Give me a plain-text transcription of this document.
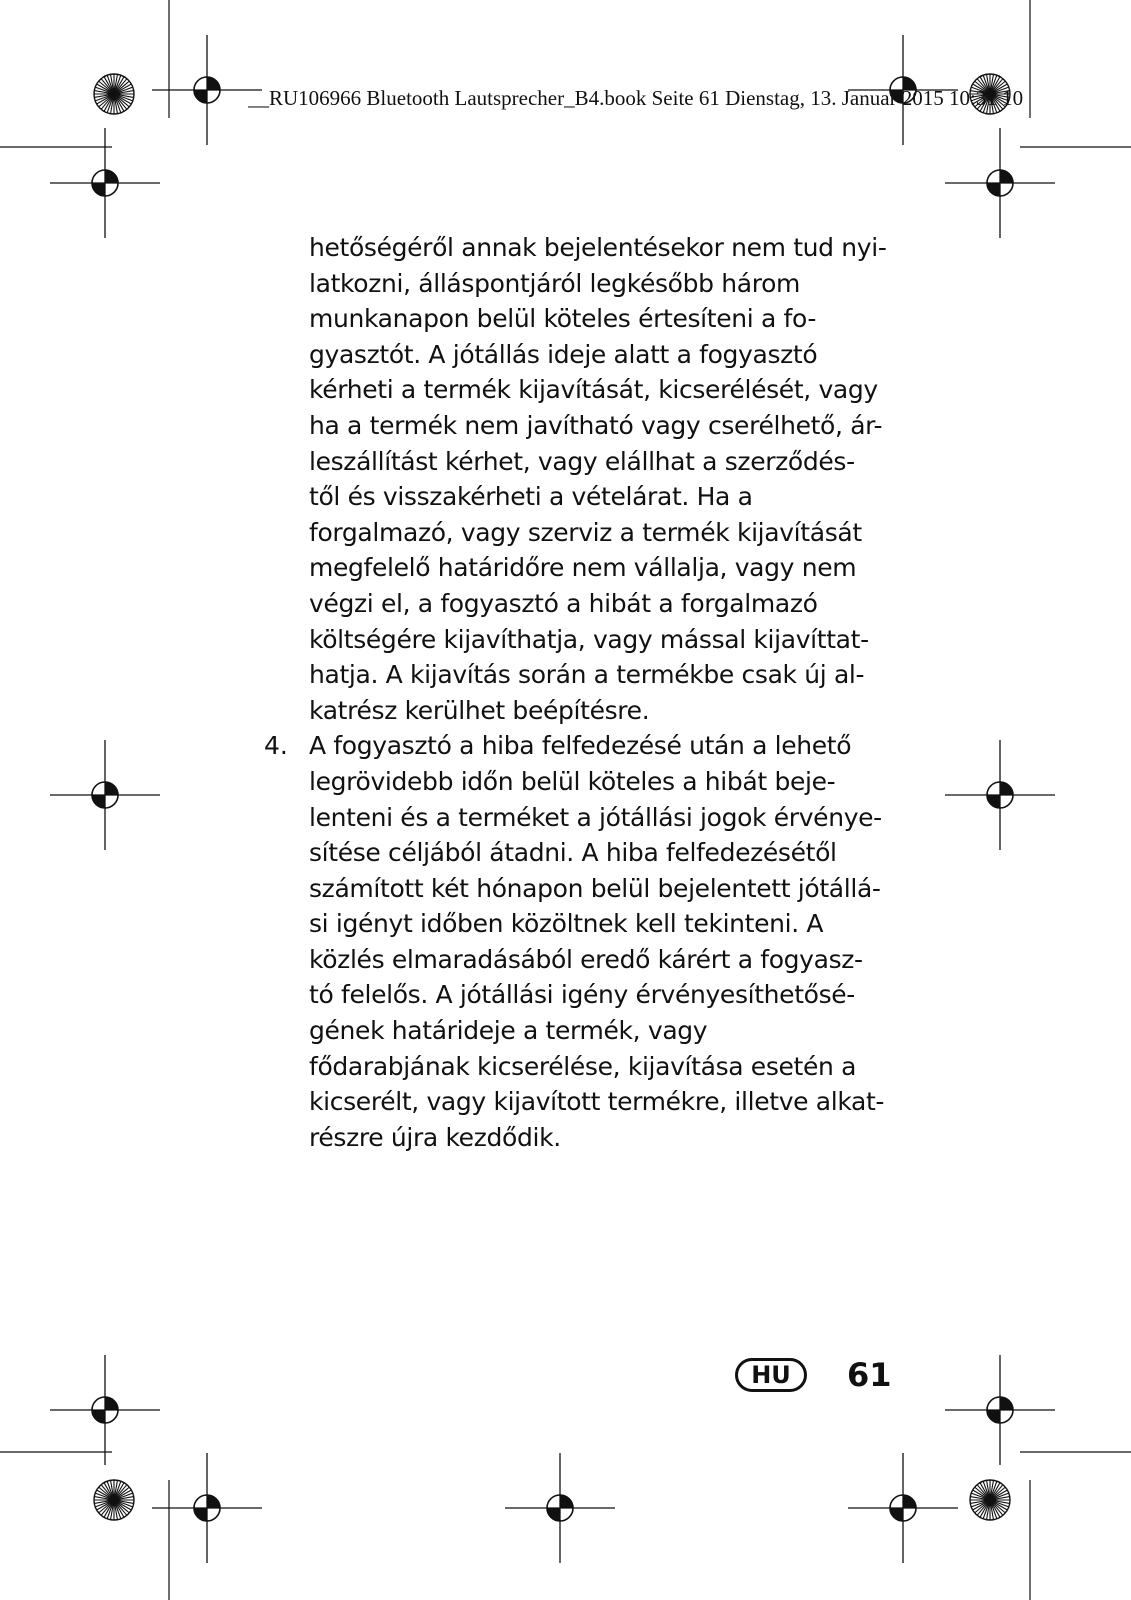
__RU106966 Bluetooth Lautsprecher_B4.book Seite 61 Dienstag, 13. Januar 2015 10:31 10
hetőségéről annak bejelentésekor nem tud nyi-
latkozni, álláspontjáról legkésőbb három
munkanapon belül köteles értesíteni a fo-
gyasztót. A jótállás ideje alatt a fogyasztó
kérheti a termék kijavítását, kicserélését, vagy
ha a termék nem javítható vagy cserélhető, ár-
leszállítást kérhet, vagy elállhat a szerződés-
től és visszakérheti a vételárat. Ha a
forgalmazó, vagy szerviz a termék kijavítását
megfelelő határidőre nem vállalja, vagy nem
végzi el, a fogyasztó a hibát a forgalmazó
költségére kijavíthatja, vagy mással kijavíttat-
hatja. A kijavítás során a termékbe csak új al-
katrész kerülhet beépítésre.
4. A fogyasztó a hiba felfedezésé után a lehető
legrövidebb időn belül köteles a hibát beje-
lenteni és a terméket a jótállási jogok érvénye-
sítése céljából átadni. A hiba felfedezésétől
számított két hónapon belül bejelentett jótállá-
si igényt időben közöltnek kell tekinteni. A
közlés elmaradásából eredő kárért a fogyasz-
tó felelős. A jótállási igény érvényesíthetősé-
gének határideje a termék, vagy
fődarabjának kicserélése, kijavítása esetén a
kicserélt, vagy kijavított termékre, illetve alkat-
részre újra kezdődik.
HU	61
